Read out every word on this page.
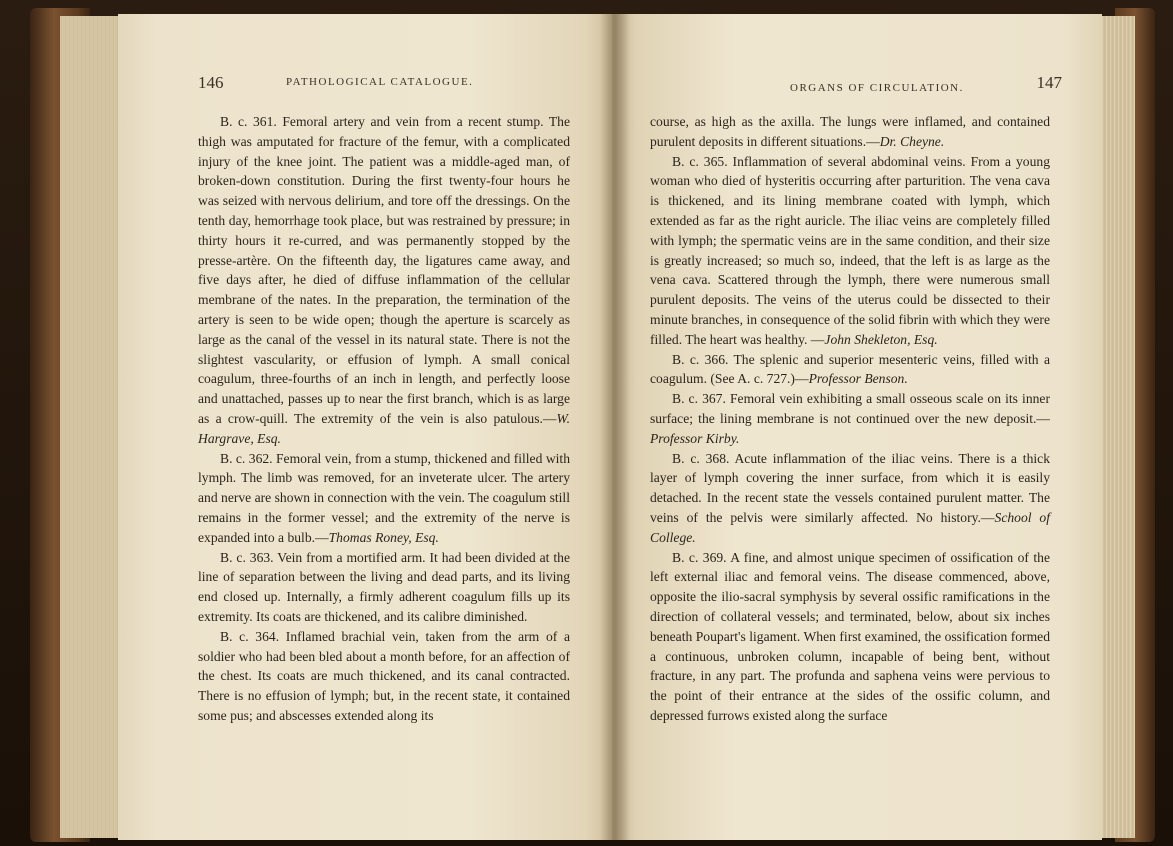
146	PATHOLOGICAL CATALOGUE.

B. c. 361. Femoral artery and vein from a recent stump. The thigh was amputated for fracture of the femur, with a complicated injury of the knee joint. The patient was a middle-aged man, of broken-down constitution. During the first twenty-four hours he was seized with nervous delirium, and tore off the dressings. On the tenth day, hemorrhage took place, but was restrained by pressure; in thirty hours it re-curred, and was permanently stopped by the presse-artère. On the fifteenth day, the ligatures came away, and five days after, he died of diffuse inflammation of the cellular membrane of the nates. In the preparation, the termination of the artery is seen to be wide open; though the aperture is scarcely as large as the canal of the vessel in its natural state. There is not the slightest vascularity, or effusion of lymph. A small conical coagulum, three-fourths of an inch in length, and perfectly loose and unattached, passes up to near the first branch, which is as large as a crow-quill. The extremity of the vein is also patulous.—W. Hargrave, Esq.

B. c. 362. Femoral vein, from a stump, thickened and filled with lymph. The limb was removed, for an inveterate ulcer. The artery and nerve are shown in connection with the vein. The coagulum still remains in the former vessel; and the extremity of the nerve is expanded into a bulb.—Thomas Roney, Esq.

B. c. 363. Vein from a mortified arm. It had been divided at the line of separation between the living and dead parts, and its living end closed up. Internally, a firmly adherent coagulum fills up its extremity. Its coats are thickened, and its calibre diminished.

B. c. 364. Inflamed brachial vein, taken from the arm of a soldier who had been bled about a month before, for an affection of the chest. Its coats are much thickened, and its canal contracted. There is no effusion of lymph; but, in the recent state, it contained some pus; and abscesses extended along its

ORGANS OF CIRCULATION.	147

course, as high as the axilla. The lungs were inflamed, and contained purulent deposits in different situations.—Dr. Cheyne.

B. c. 365. Inflammation of several abdominal veins. From a young woman who died of hysteritis occurring after parturition. The vena cava is thickened, and its lining membrane coated with lymph, which extended as far as the right auricle. The iliac veins are completely filled with lymph; the spermatic veins are in the same condition, and their size is greatly increased; so much so, indeed, that the left is as large as the vena cava. Scattered through the lymph, there were numerous small purulent deposits. The veins of the uterus could be dissected to their minute branches, in consequence of the solid fibrin with which they were filled. The heart was healthy. —John Shekleton, Esq.

B. c. 366. The splenic and superior mesenteric veins, filled with a coagulum. (See A. c. 727.)—Professor Benson.

B. c. 367. Femoral vein exhibiting a small osseous scale on its inner surface; the lining membrane is not continued over the new deposit.—Professor Kirby.

B. c. 368. Acute inflammation of the iliac veins. There is a thick layer of lymph covering the inner surface, from which it is easily detached. In the recent state the vessels contained purulent matter. The veins of the pelvis were similarly affected. No history.—School of College.

B. c. 369. A fine, and almost unique specimen of ossification of the left external iliac and femoral veins. The disease commenced, above, opposite the ilio-sacral symphysis by several ossific ramifications in the direction of collateral vessels; and terminated, below, about six inches beneath Poupart's ligament. When first examined, the ossification formed a continuous, unbroken column, incapable of being bent, without fracture, in any part. The profunda and saphena veins were pervious to the point of their entrance at the sides of the ossific column, and depressed furrows existed along the surface
